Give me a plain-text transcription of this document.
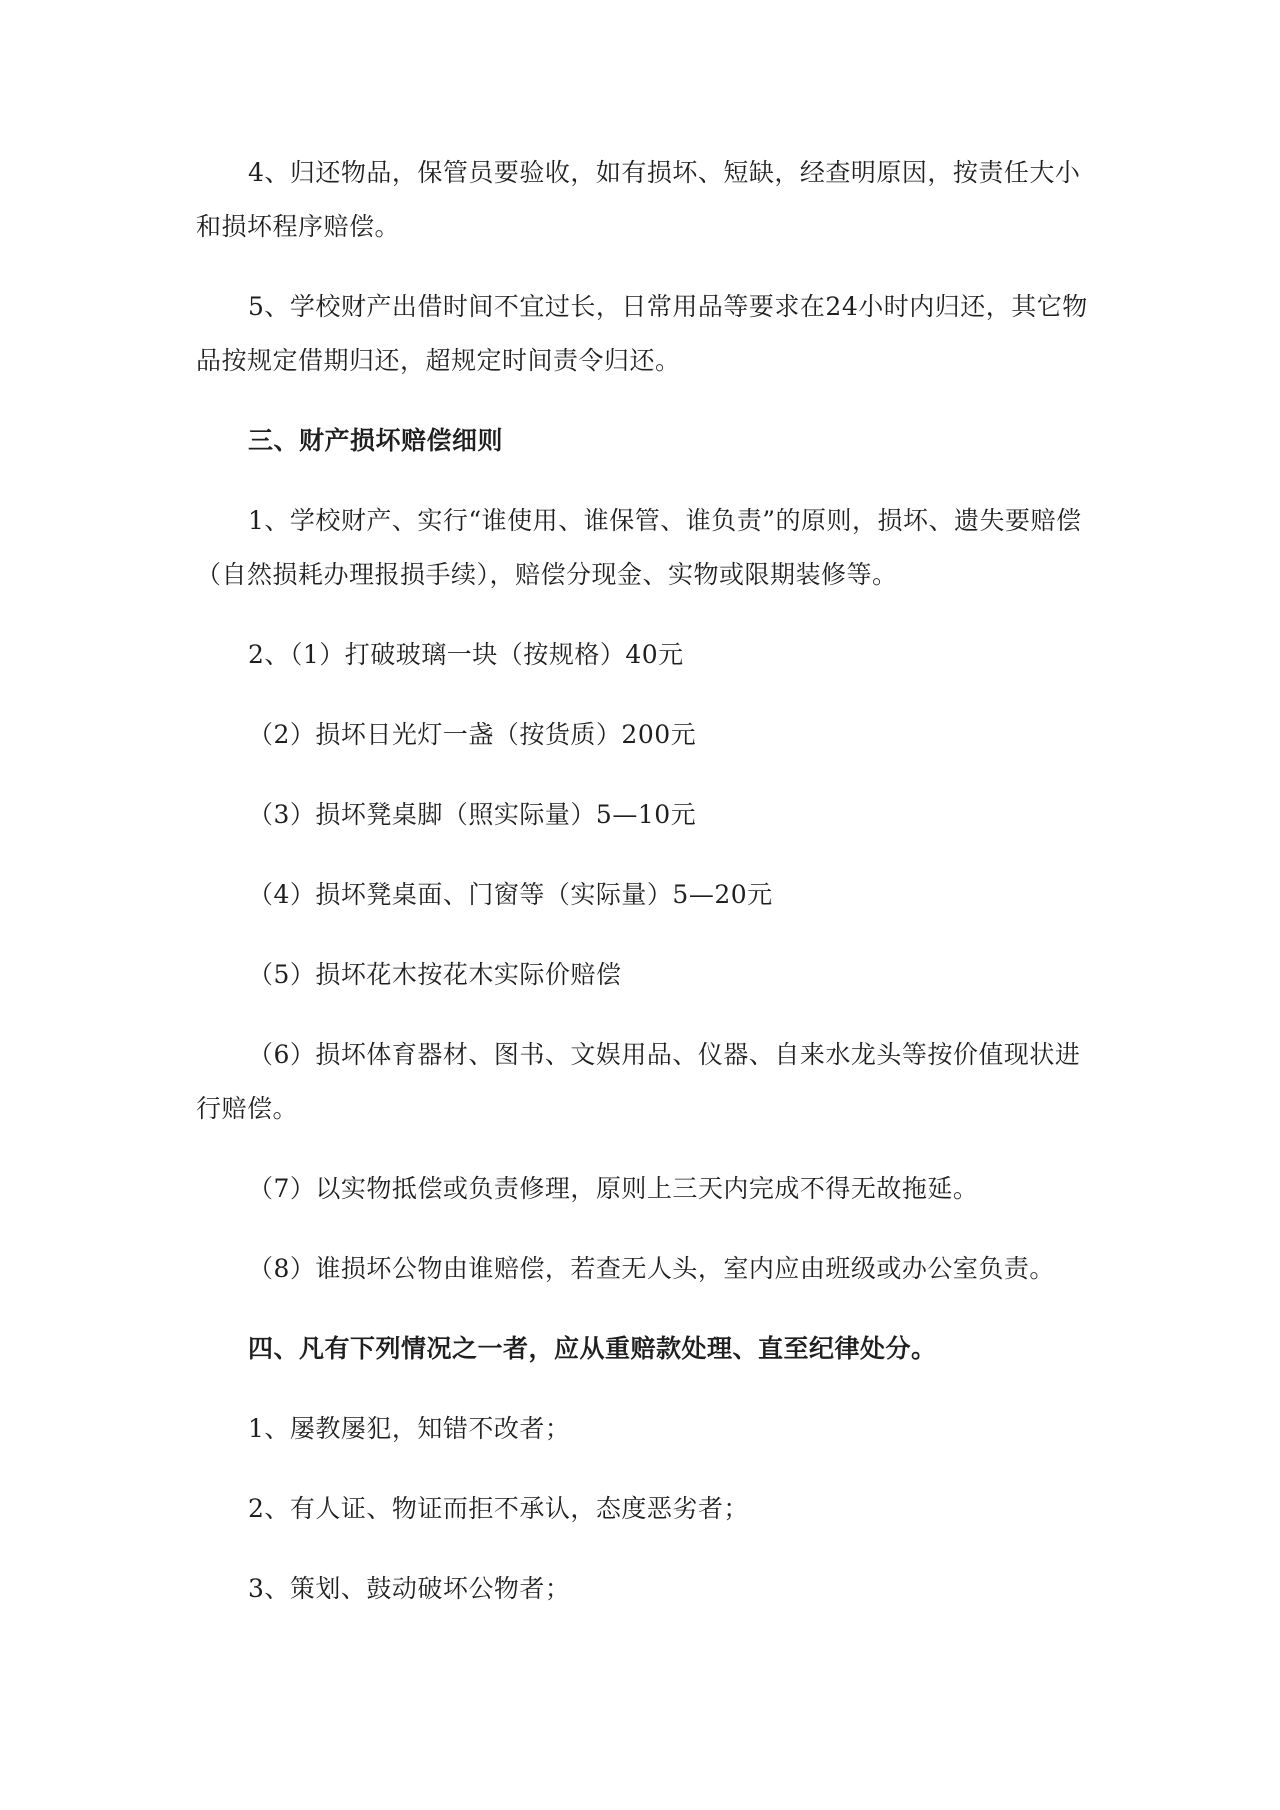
4、归还物品，保管员要验收，如有损坏、短缺，经查明原因，按责任大小和损坏程序赔偿。

5、学校财产出借时间不宜过长，日常用品等要求在24小时内归还，其它物品按规定借期归还，超规定时间责令归还。

三、财产损坏赔偿细则

1、学校财产、实行“谁使用、谁保管、谁负责”的原则，损坏、遗失要赔偿（自然损耗办理报损手续），赔偿分现金、实物或限期装修等。

2、（1）打破玻璃一块（按规格）40元

（2）损坏日光灯一盏（按货质）200元

（3）损坏凳桌脚（照实际量）5—10元

（4）损坏凳桌面、门窗等（实际量）5—20元

（5）损坏花木按花木实际价赔偿

（6）损坏体育器材、图书、文娱用品、仪器、自来水龙头等按价值现状进行赔偿。

（7）以实物抵偿或负责修理，原则上三天内完成不得无故拖延。

（8）谁损坏公物由谁赔偿，若查无人头，室内应由班级或办公室负责。

四、凡有下列情况之一者，应从重赔款处理、直至纪律处分。

1、屡教屡犯，知错不改者；

2、有人证、物证而拒不承认，态度恶劣者；

3、策划、鼓动破坏公物者；
